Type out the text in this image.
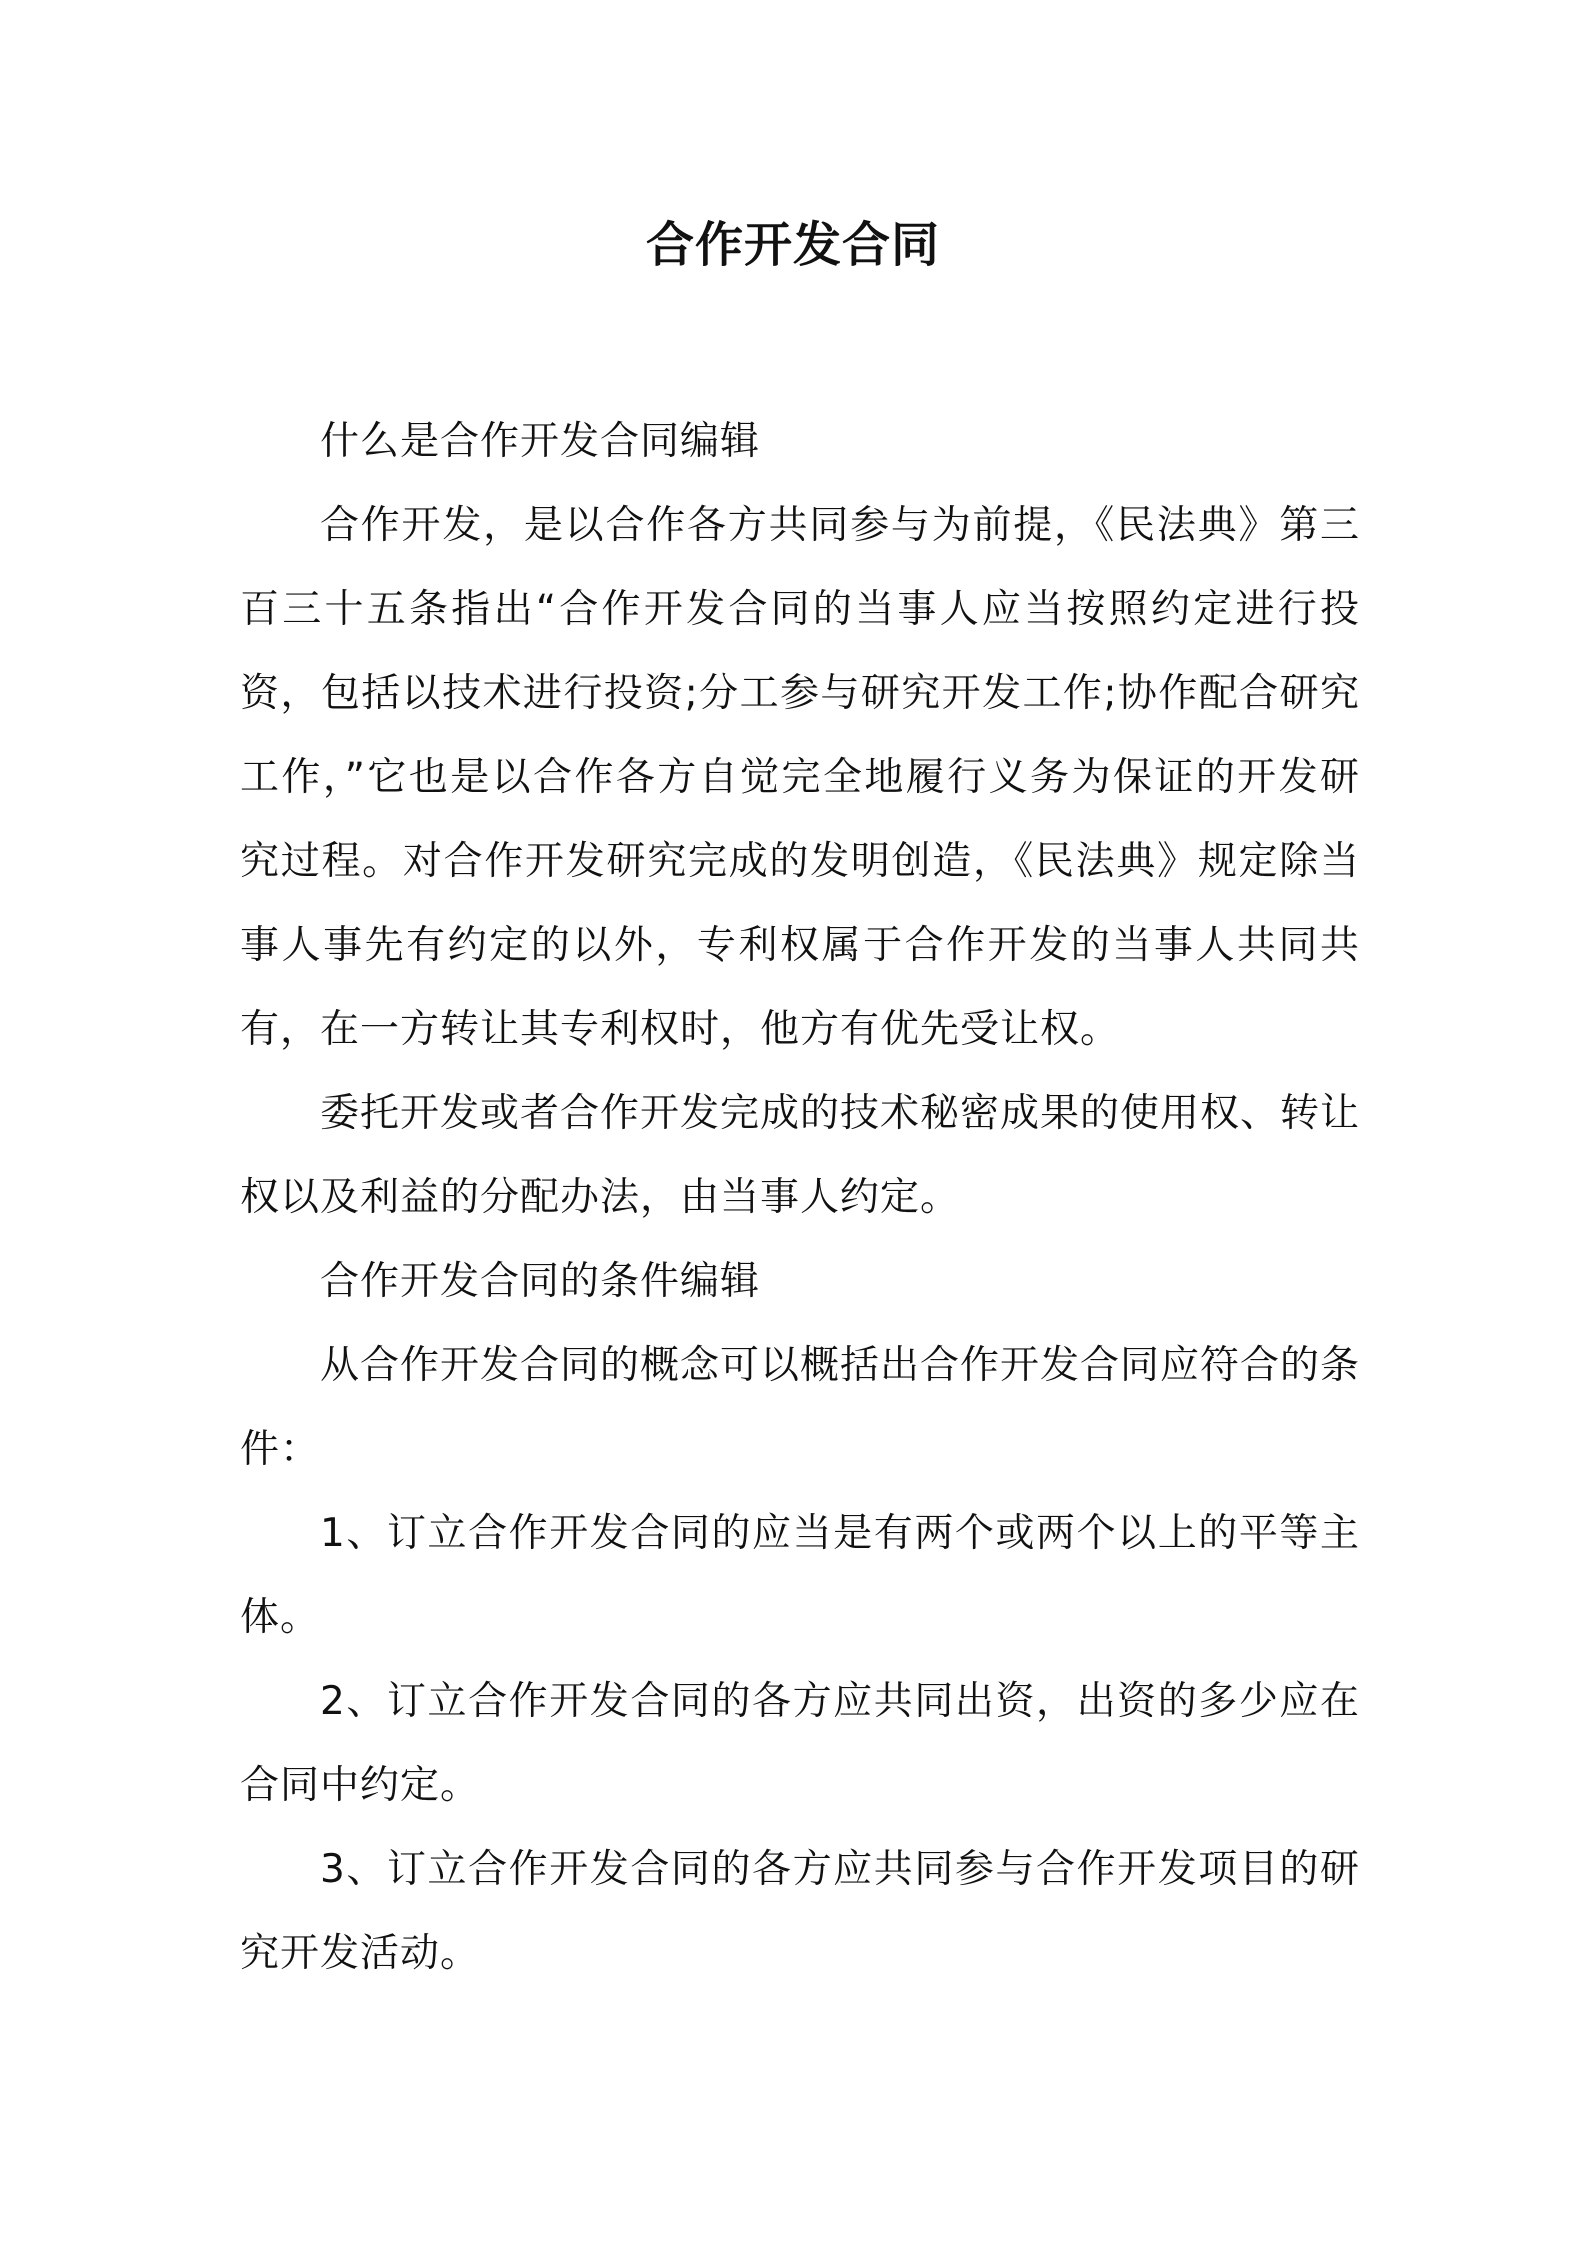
合作开发合同

什么是合作开发合同编辑

合作开发，是以合作各方共同参与为前提，《民法典》第三百三十五条指出“合作开发合同的当事人应当按照约定进行投资，包括以技术进行投资;分工参与研究开发工作;协作配合研究工作，”它也是以合作各方自觉完全地履行义务为保证的开发研究过程。对合作开发研究完成的发明创造，《民法典》规定除当事人事先有约定的以外，专利权属于合作开发的当事人共同共有，在一方转让其专利权时，他方有优先受让权。

委托开发或者合作开发完成的技术秘密成果的使用权、转让权以及利益的分配办法，由当事人约定。

合作开发合同的条件编辑

从合作开发合同的概念可以概括出合作开发合同应符合的条件：

1、订立合作开发合同的应当是有两个或两个以上的平等主体。

2、订立合作开发合同的各方应共同出资，出资的多少应在合同中约定。

3、订立合作开发合同的各方应共同参与合作开发项目的研究开发活动。
